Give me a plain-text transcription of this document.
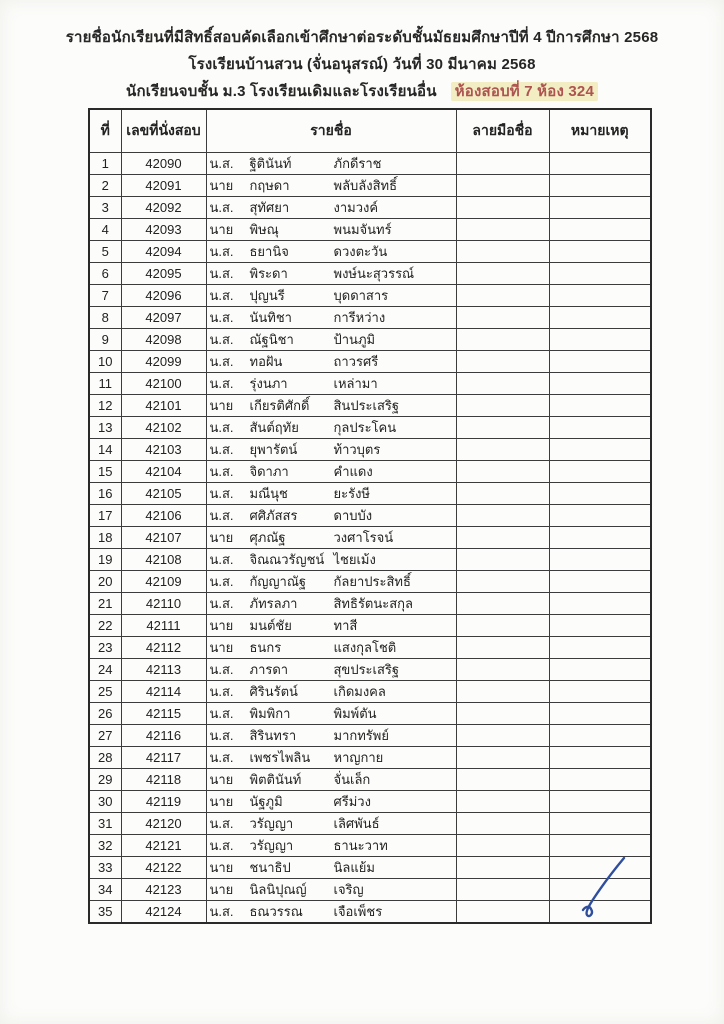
รายชื่อนักเรียนที่มีสิทธิ์สอบคัดเลือกเข้าศึกษาต่อระดับชั้นมัธยมศึกษาปีที่ 4 ปีการศึกษา 2568
โรงเรียนบ้านสวน (จั่นอนุสรณ์) วันที่ 30 มีนาคม 2568
นักเรียนจบชั้น ม.3 โรงเรียนเดิมและโรงเรียนอื่น ห้องสอบที่ 7 ห้อง 324
ที่	เลขที่นั่งสอบ	รายชื่อ	ลายมือชื่อ	หมายเหตุ
1	42090	น.ส. ฐิตินันท์ ภักดีราช		

2	42091	นาย กฤษดา พลับลังสิทธิ์		

3	42092	น.ส. สุทัศยา งามวงค์		

4	42093	นาย พิษณุ พนมจันทร์		

5	42094	น.ส. ธยานิจ ดวงตะวัน		

6	42095	น.ส. พิระดา พงษ์นะสุวรรณ์		

7	42096	น.ส. ปุญนรี บุดดาสาร		

8	42097	น.ส. นันทิชา การีหว่าง		

9	42098	น.ส. ณัฐนิชา ป้านภูมิ		

10	42099	น.ส. ทอฝัน ถาวรศรี		

11	42100	น.ส. รุ่งนภา เหล่ามา		

12	42101	นาย เกียรติศักดิ์ สินประเสริฐ		

13	42102	น.ส. สันต์ฤทัย กุลประโคน		

14	42103	น.ส. ยุพารัตน์ ท้าวบุตร		

15	42104	น.ส. จิดาภา คำแดง		

16	42105	น.ส. มณีนุช ยะรังษี		

17	42106	น.ส. ศศิภัสสร ดาบบัง		

18	42107	นาย ศุภณัฐ วงศาโรจน์		

19	42108	น.ส. จิณณวรัญชน์ ไชยเม้ง		

20	42109	น.ส. กัญญาณัฐ กัลยาประสิทธิ์		

21	42110	น.ส. ภัทรลภา สิทธิรัตนะสกุล		

22	42111	นาย มนต์ชัย ทาสี		

23	42112	นาย ธนกร แสงกุลโชติ		

24	42113	น.ส. ภารดา สุขประเสริฐ		

25	42114	น.ส. ศิรินรัตน์ เกิดมงคล		

26	42115	น.ส. พิมพิกา พิมพ์ตัน		

27	42116	น.ส. สิรินทรา มากทรัพย์		

28	42117	น.ส. เพชรไพลิน หาญกาย		

29	42118	นาย พิตตินันท์ จั่นเล็ก		

30	42119	นาย นัฐภูมิ ศรีม่วง		

31	42120	น.ส. วรัญญา เลิศพันธ์		

32	42121	น.ส. วรัญญา ธานะวาท		

33	42122	นาย ชนาธิป นิลแย้ม		

34	42123	นาย นิลนิปุณญ์ เจริญ		

35	42124	น.ส. ธณวรรณ เจือเพ็ชร		
